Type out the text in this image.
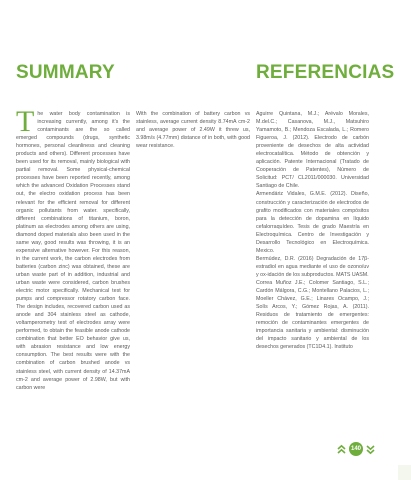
SUMMARY	REFERENCIAS
T he water body contamination is increasing currently, among it's the contaminants are the so called emerged compounds (drugs, synthetic hormones, personal cleanliness and cleaning products and others). Different processes have been used for its removal, mainly biological with partial removal. Some physical-chemical processes have been reported recently, among which the advanced Oxidation Processes stand out, the electro oxidation process has been relevant for the efficient removal for different organic pollutants from water. specifically, different combinations of titanium, boron, platinum as electrodes among others are using, diamond doped materials also been used in the same way, good results was throwing, it is an expensive alternative however. For this reason, in the current work, the carbon electrodes from batteries (carbon zinc) was obtained, these are urban waste part of in addition, industrial and urban waste were considered, carbon brushes electric motor specifically. Mechanical test for pumps and compressor rotatory carbon face. The design includes, recovered carbon used as anode and 304 stainless steel as cathode, voltamperometry test of electrodes array were performed, to obtain the feasible anode cathode combination that better EO behavior give us, with abrasion resistance and low energy consumption. The best results were with the combination of carbon brushed anode vs stainless steel, with current density of 14.37mA cm-2 and average power of 2.98W, but with carbon were

With the combination of battery carbon vs stainless, average current density 8.74mA cm-2 and average power of 2.49W it threw us, 3.98m/s (4.77mm) distance of in both, with good wear resistance.

Aguirre Quintana, M.J.; Arévalo Morales, M.del.C.; Casanova, M.J., Matsuhiro Yamamoto, B.; Mendoza Escalada, L.; Romero Figueroa, J. (2012). Electrodo de carbón proveniente de desechos de alta actividad electrocatalítica. Método de obtención y aplicación. Patente Internacional (Tratado de Cooperación de Patentes), Número de Solicitud: PCT/ CL2011/000030. Universidad Santiago de Chile.

Armendáriz Vidales, G.M.E. (2012). Diseño, construcción y caracterización de electrodos de grafito modificados con materiales compósitos para la detección de dopamina en líquido cefalorraquídeo. Tesis de grado Maestría en Electroquímica. Centro de Investigación y Desarrollo Tecnológico en Electroquímica. Mexico.

Bermúdez, D.R. (2016) Degradación de 17β-estradiol en agua mediante el uso de ozono/uv y ox-idación de los subproductos. MATS UASM.

Correa Muñoz J.E.; Colomer Santiago, S.L.; Cardón Málgora, C.G.; Montellano Palacios, L.; Moeller Chávez, G.E.; Linares Ocampo, J.; Solís Arcos, Y.; Gómez Rojas, A. (2011). Residuos de tratamiento de emergentes: remoción de contaminantes emergentes de importancia sanitaria y ambiental: disminución del impacto sanitario y ambiental de los desechos generados (TC1D4.1). Instituto

140
